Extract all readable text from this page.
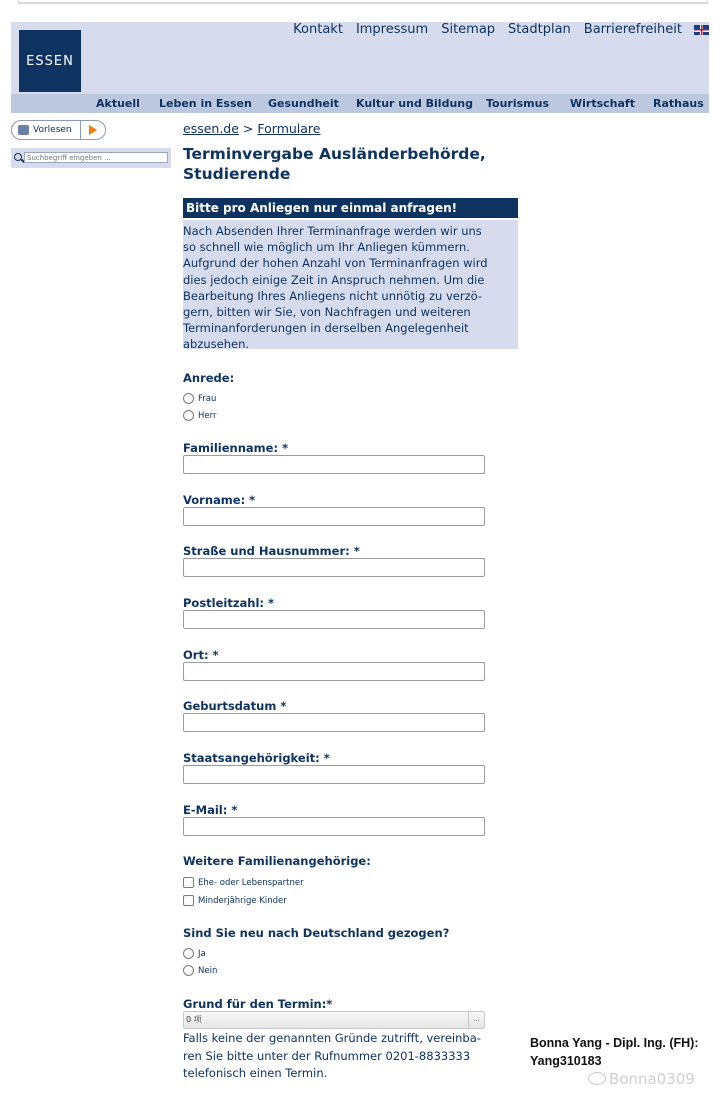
ESSEN
Kontakt Impressum Sitemap Stadtplan Barrierefreiheit
Aktuell Leben in Essen Gesundheit Kultur und Bildung Tourismus Wirtschaft Rathaus
Vorlesen
Suchbegriff eingeben ...	essen.de > Formulare
Terminvergabe Ausländerbehörde, Studierende
Bitte pro Anliegen nur einmal anfragen!
Nach Absenden Ihrer Terminanfrage werden wir uns
so schnell wie möglich um Ihr Anliegen kümmern.
Aufgrund der hohen Anzahl von Terminanfragen wird
dies jedoch einige Zeit in Anspruch nehmen. Um die
Bearbeitung Ihres Anliegens nicht unnötig zu verzö-
gern, bitten wir Sie, von Nachfragen und weiteren
Terminanforderungen in derselben Angelegenheit
abzusehen.
Anrede:
Frau
Herr
Familienname: *
Vorname: *
Straße und Hausnummer: *
Postleitzahl: *
Ort: *
Geburtsdatum *
Staatsangehörigkeit: *
E-Mail: *
Weitere Familienangehörige:
Ehe- oder Lebenspartner
Minderjährige Kinder
Sind Sie neu nach Deutschland gezogen?
Ja
Nein
Grund für den Termin:*
0 项	...
Falls keine der genannten Gründe zutrifft, vereinba-
ren Sie bitte unter der Rufnummer 0201-8833333
telefonisch einen Termin.
Bonna Yang - Dipl. Ing. (FH):
Yang310183
Bonna0309
